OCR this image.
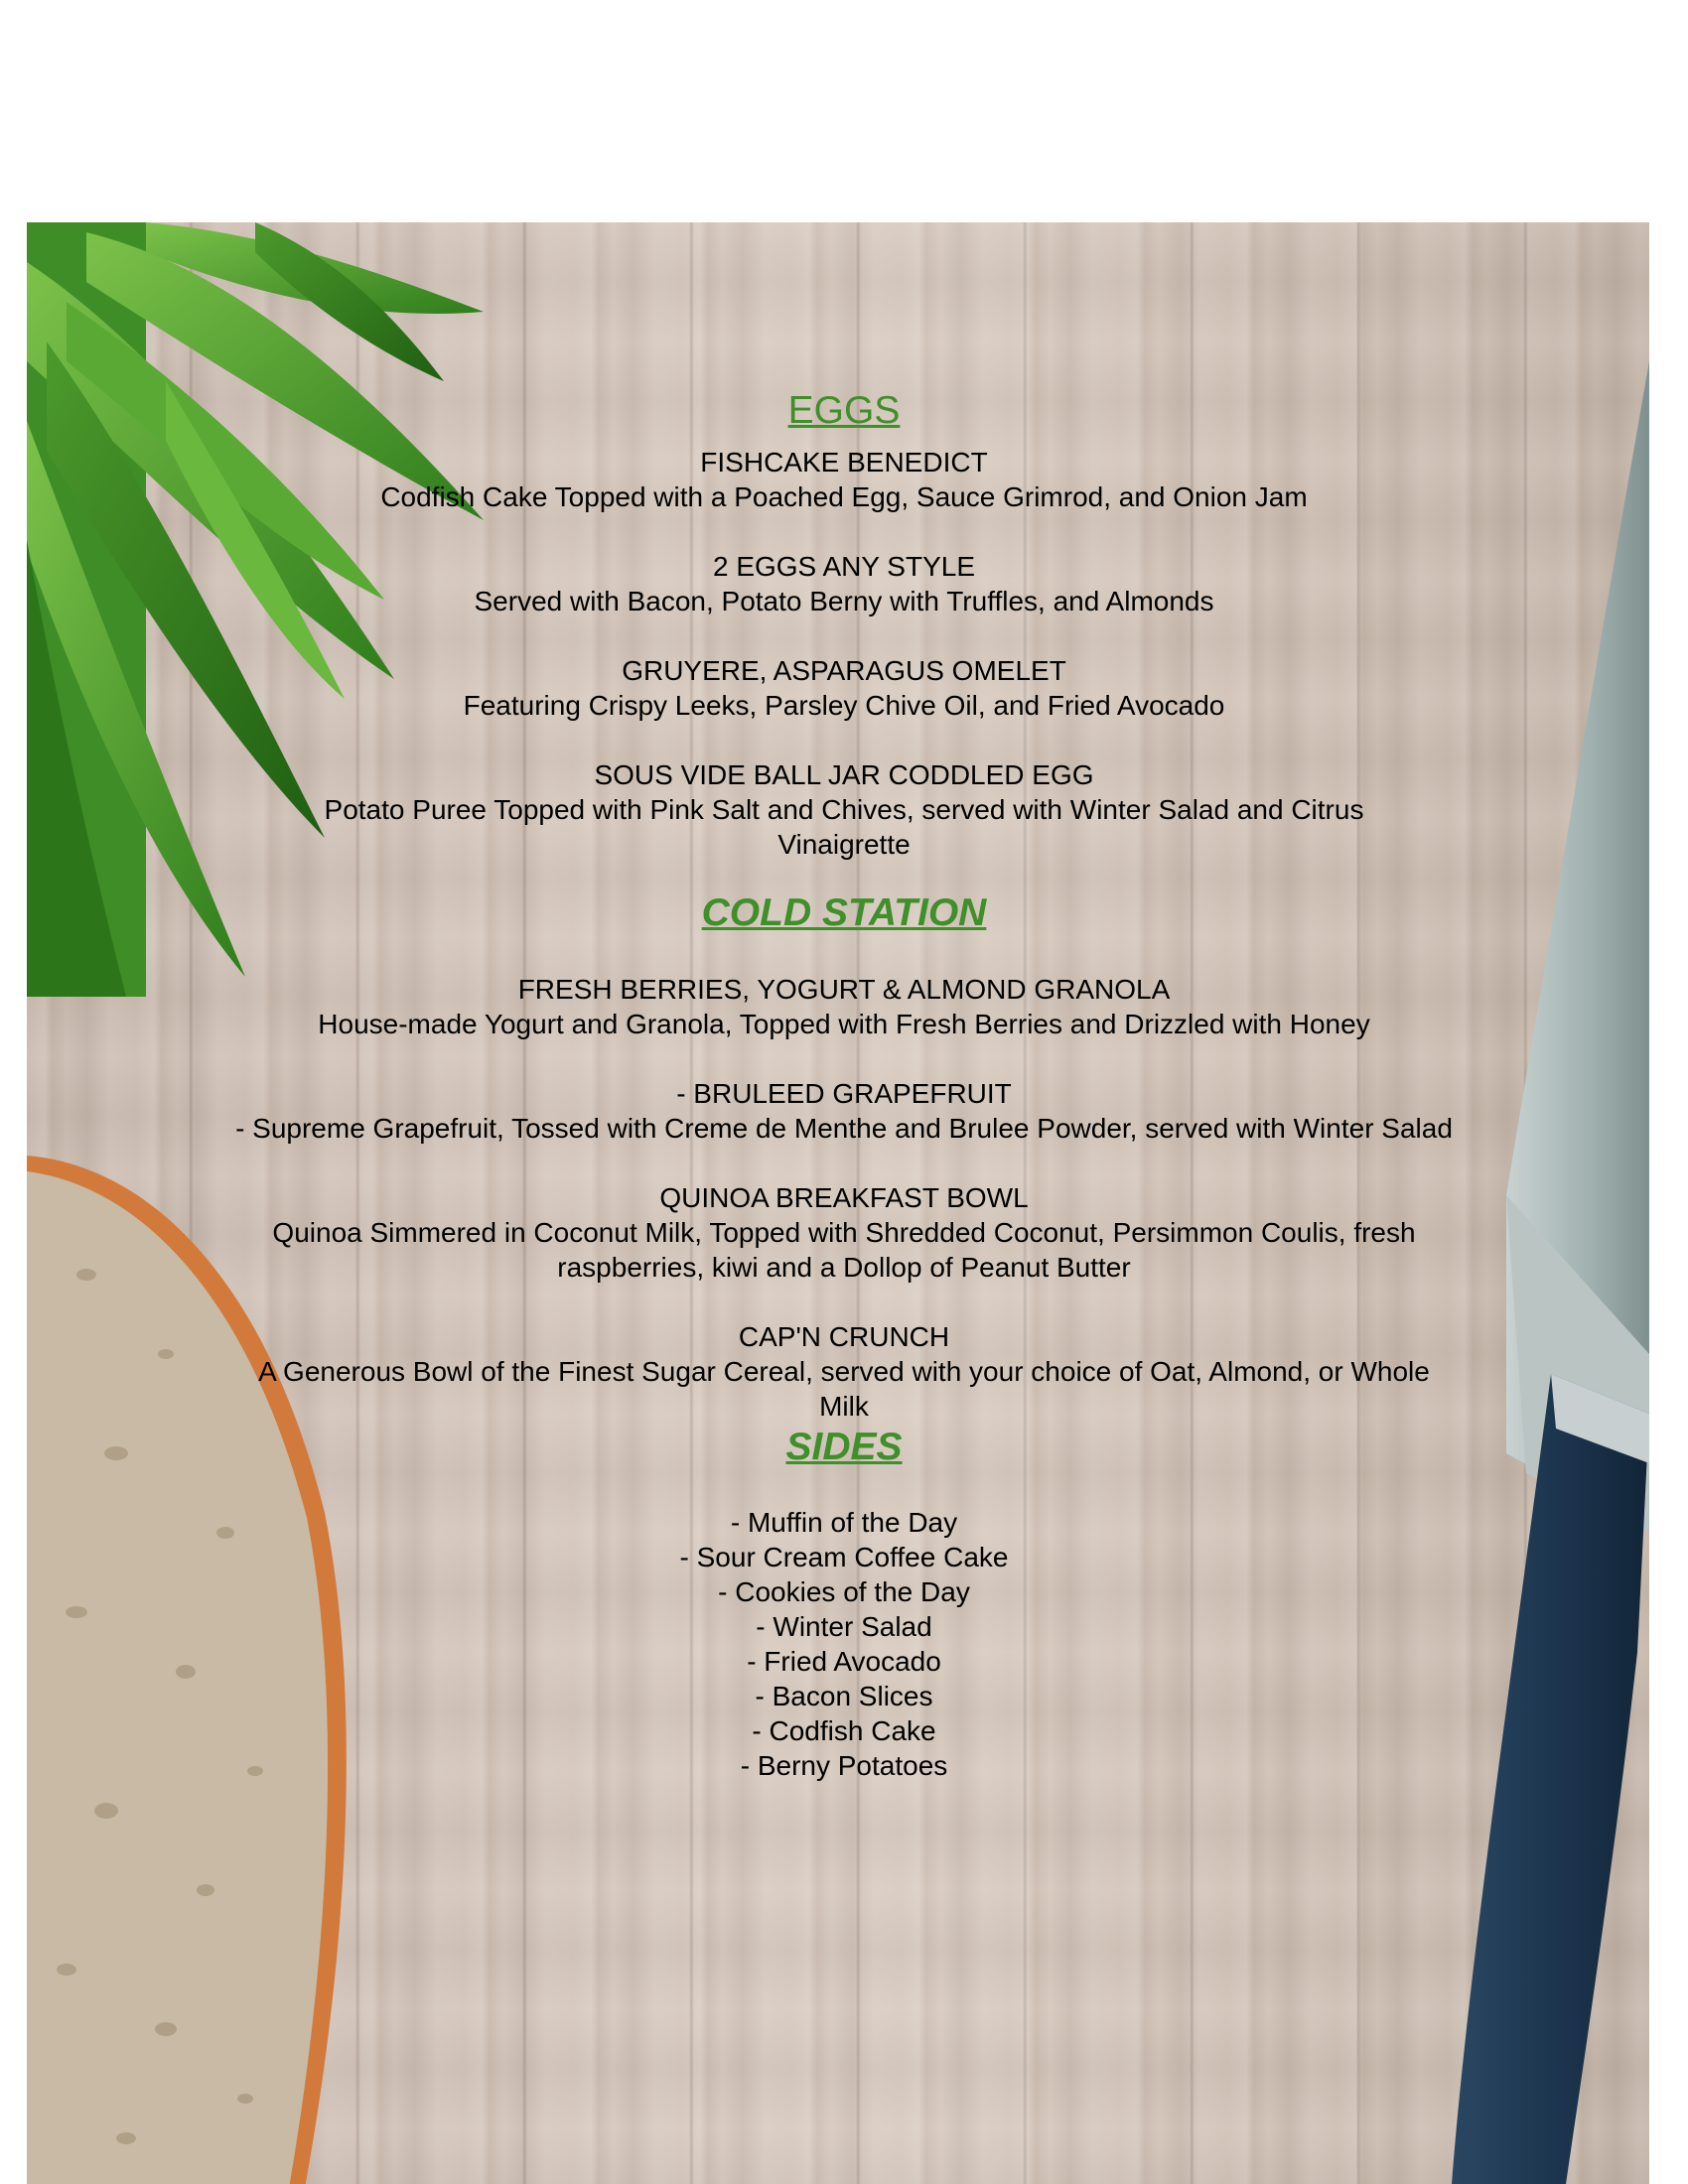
EGGS
FISHCAKE BENEDICT
Codfish Cake Topped with a Poached Egg, Sauce Grimrod, and Onion Jam
2 EGGS ANY STYLE
Served with Bacon, Potato Berny with Truffles, and Almonds
GRUYERE, ASPARAGUS OMELET
Featuring Crispy Leeks, Parsley Chive Oil, and Fried Avocado
SOUS VIDE BALL JAR CODDLED EGG
Potato Puree Topped with Pink Salt and Chives, served with Winter Salad and Citrus Vinaigrette
COLD STATION
FRESH BERRIES, YOGURT & ALMOND GRANOLA
House-made Yogurt and Granola, Topped with Fresh Berries and Drizzled with Honey
- BRULEED GRAPEFRUIT
- Supreme Grapefruit, Tossed with Creme de Menthe and Brulee Powder, served with Winter Salad
QUINOA BREAKFAST BOWL
Quinoa Simmered in Coconut Milk, Topped with Shredded Coconut, Persimmon Coulis, fresh raspberries, kiwi and a Dollop of Peanut Butter
CAP'N CRUNCH
A Generous Bowl of the Finest Sugar Cereal, served with your choice of Oat, Almond, or Whole Milk
SIDES
- Muffin of the Day
- Sour Cream Coffee Cake
- Cookies of the Day
- Winter Salad
- Fried Avocado
- Bacon Slices
- Codfish Cake
- Berny Potatoes
